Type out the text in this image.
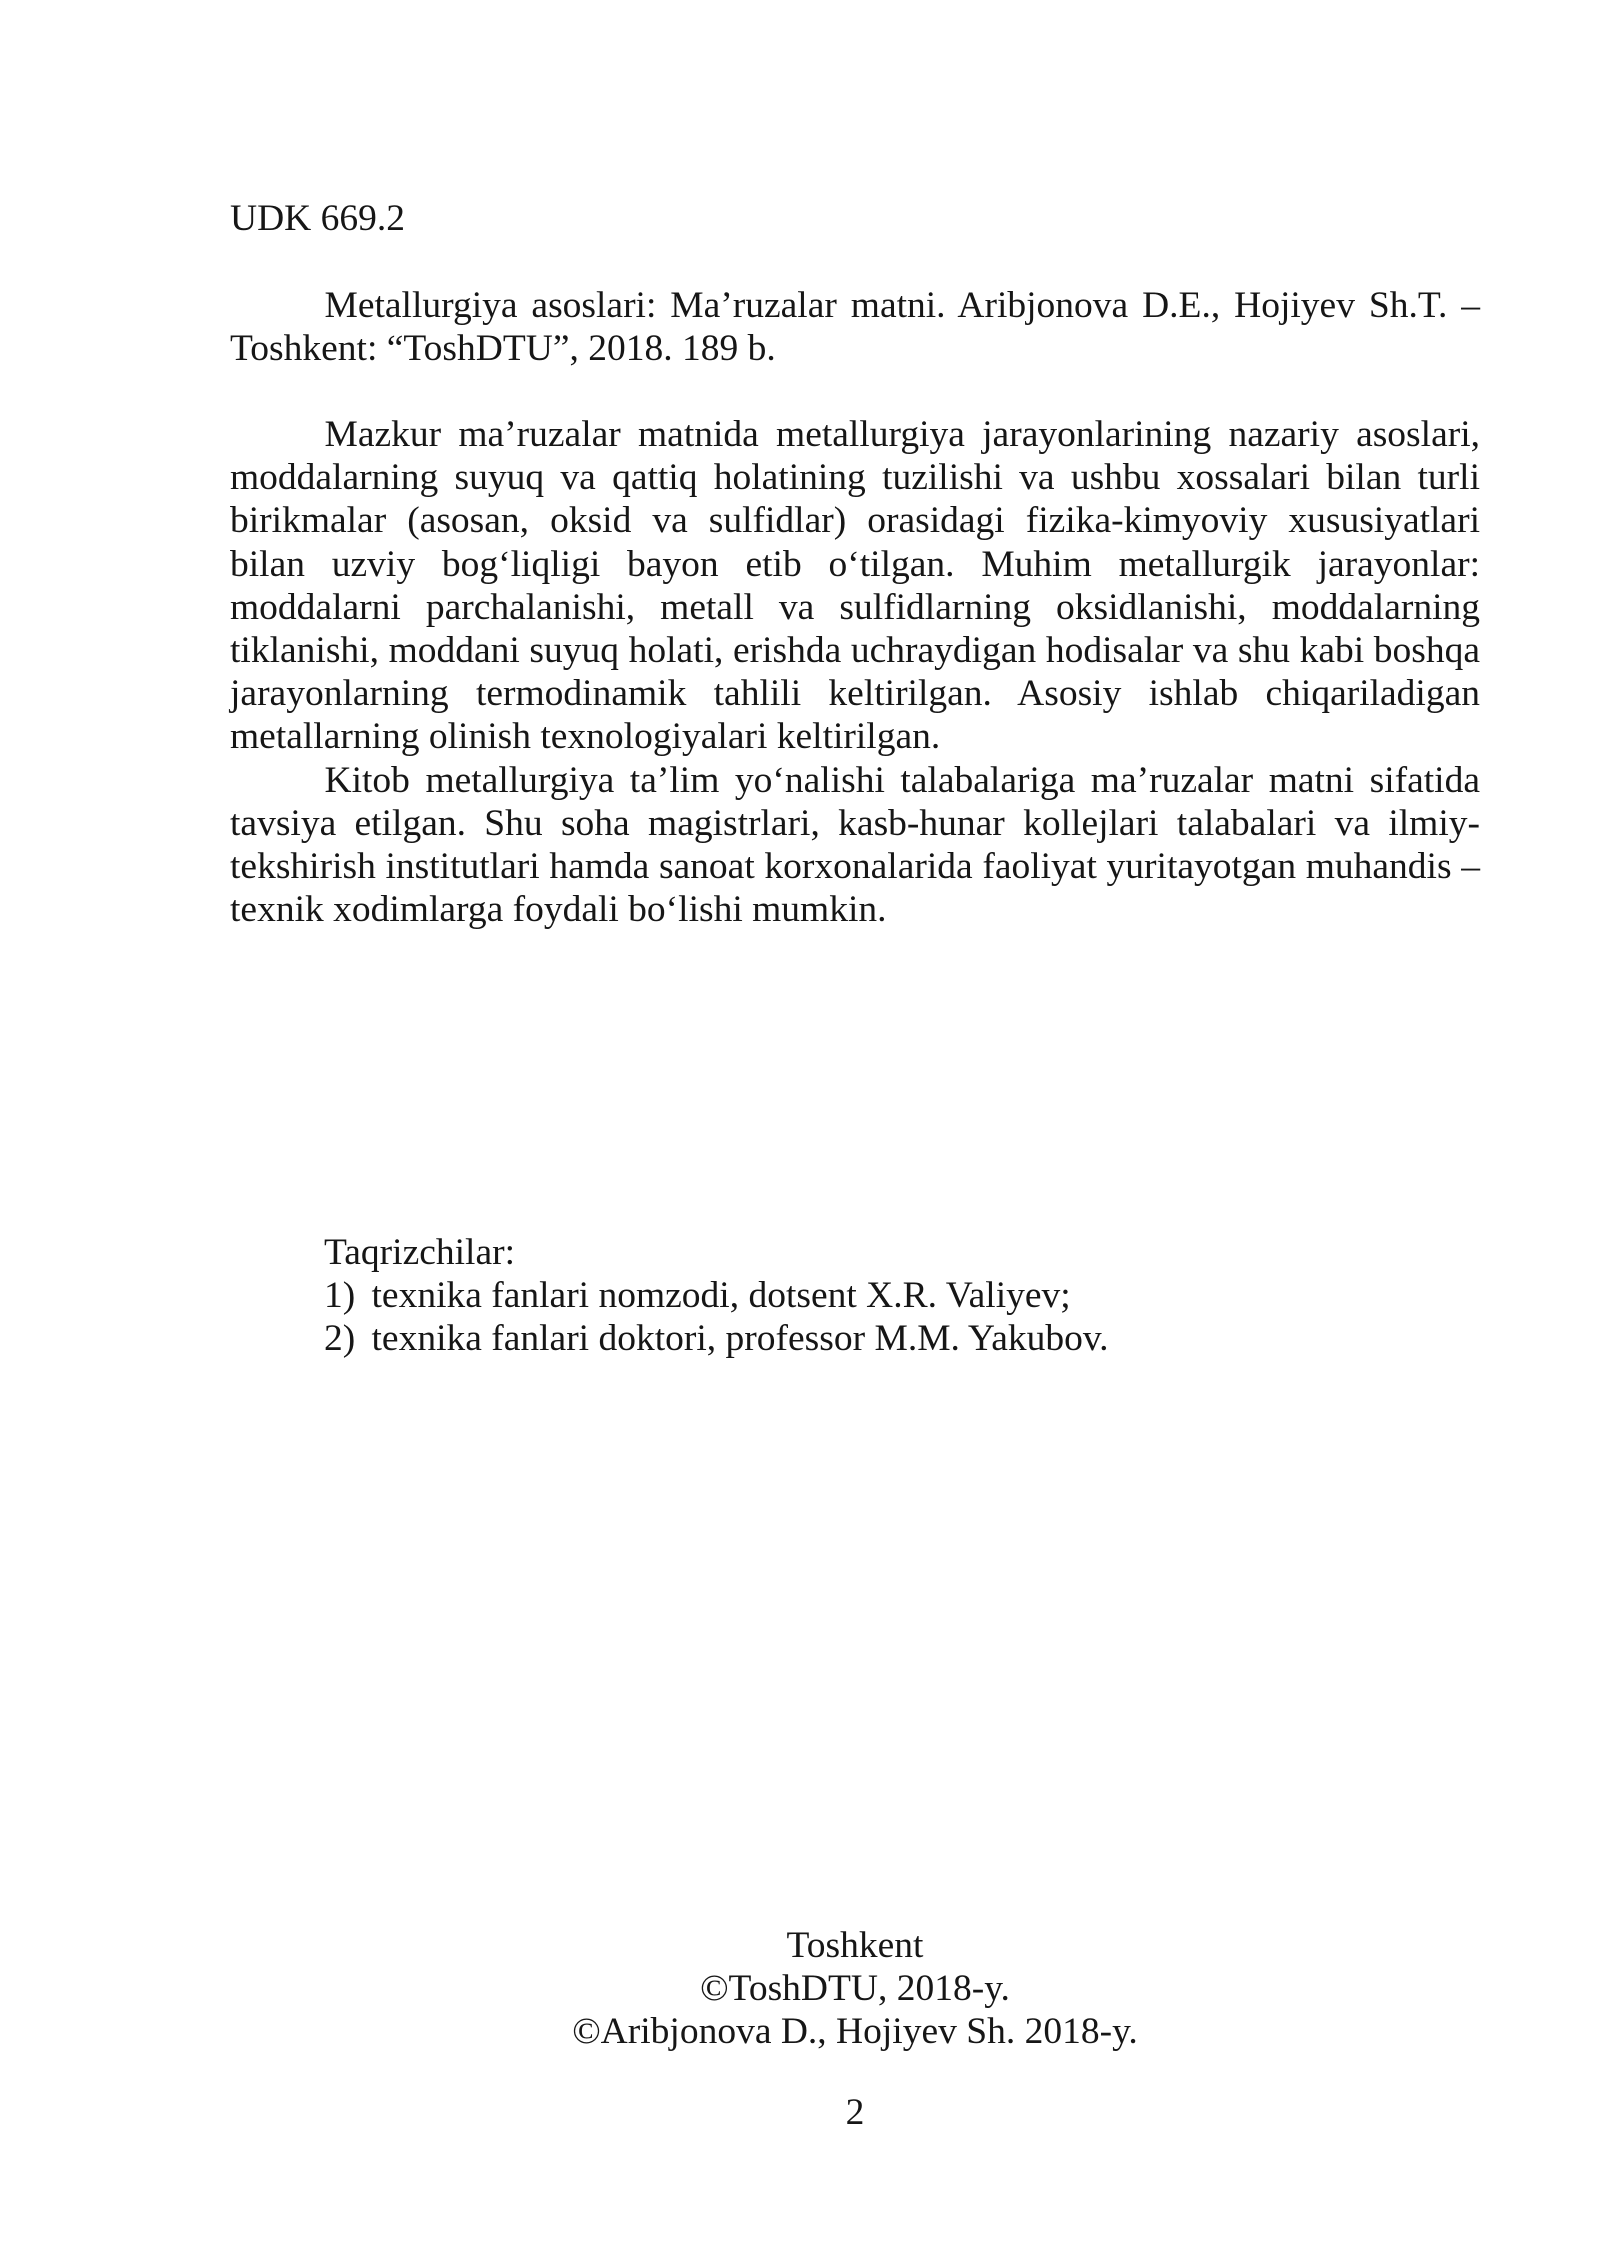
UDK 669.2

Metallurgiya asoslari: Ma’ruzalar matni. Aribjonova D.E., Hojiyev Sh.T. – Toshkent: “ToshDTU”, 2018. 189 b.

Mazkur ma’ruzalar matnida metallurgiya jarayonlarining nazariy asoslari, moddalarning suyuq va qattiq holatining tuzilishi va ushbu xossalari bilan turli birikmalar (asosan, oksid va sulfidlar) orasidagi fizika-kimyoviy xususiyatlari bilan uzviy bog‘liqligi bayon etib o‘tilgan. Muhim metallurgik jarayonlar: moddalarni parchalanishi, metall va sulfidlarning oksidlanishi, moddalarning tiklanishi, moddani suyuq holati, erishda uchraydigan hodisalar va shu kabi boshqa jarayonlarning termodinamik tahlili keltirilgan. Asosiy ishlab chiqariladigan metallarning olinish texnologiyalari keltirilgan.

Kitob metallurgiya ta’lim yo‘nalishi talabalariga ma’ruzalar matni sifatida tavsiya etilgan. Shu soha magistrlari, kasb-hunar kollejlari talabalari va ilmiy-tekshirish institutlari hamda sanoat korxonalarida faoliyat yuritayotgan muhandis – texnik xodimlarga foydali bo‘lishi mumkin.

Taqrizchilar:
1) texnika fanlari nomzodi, dotsent X.R. Valiyev;
2) texnika fanlari doktori, professor M.M. Yakubov.
Toshkent
©ToshDTU, 2018-y.
©Aribjonova D., Hojiyev Sh. 2018-y.
2
